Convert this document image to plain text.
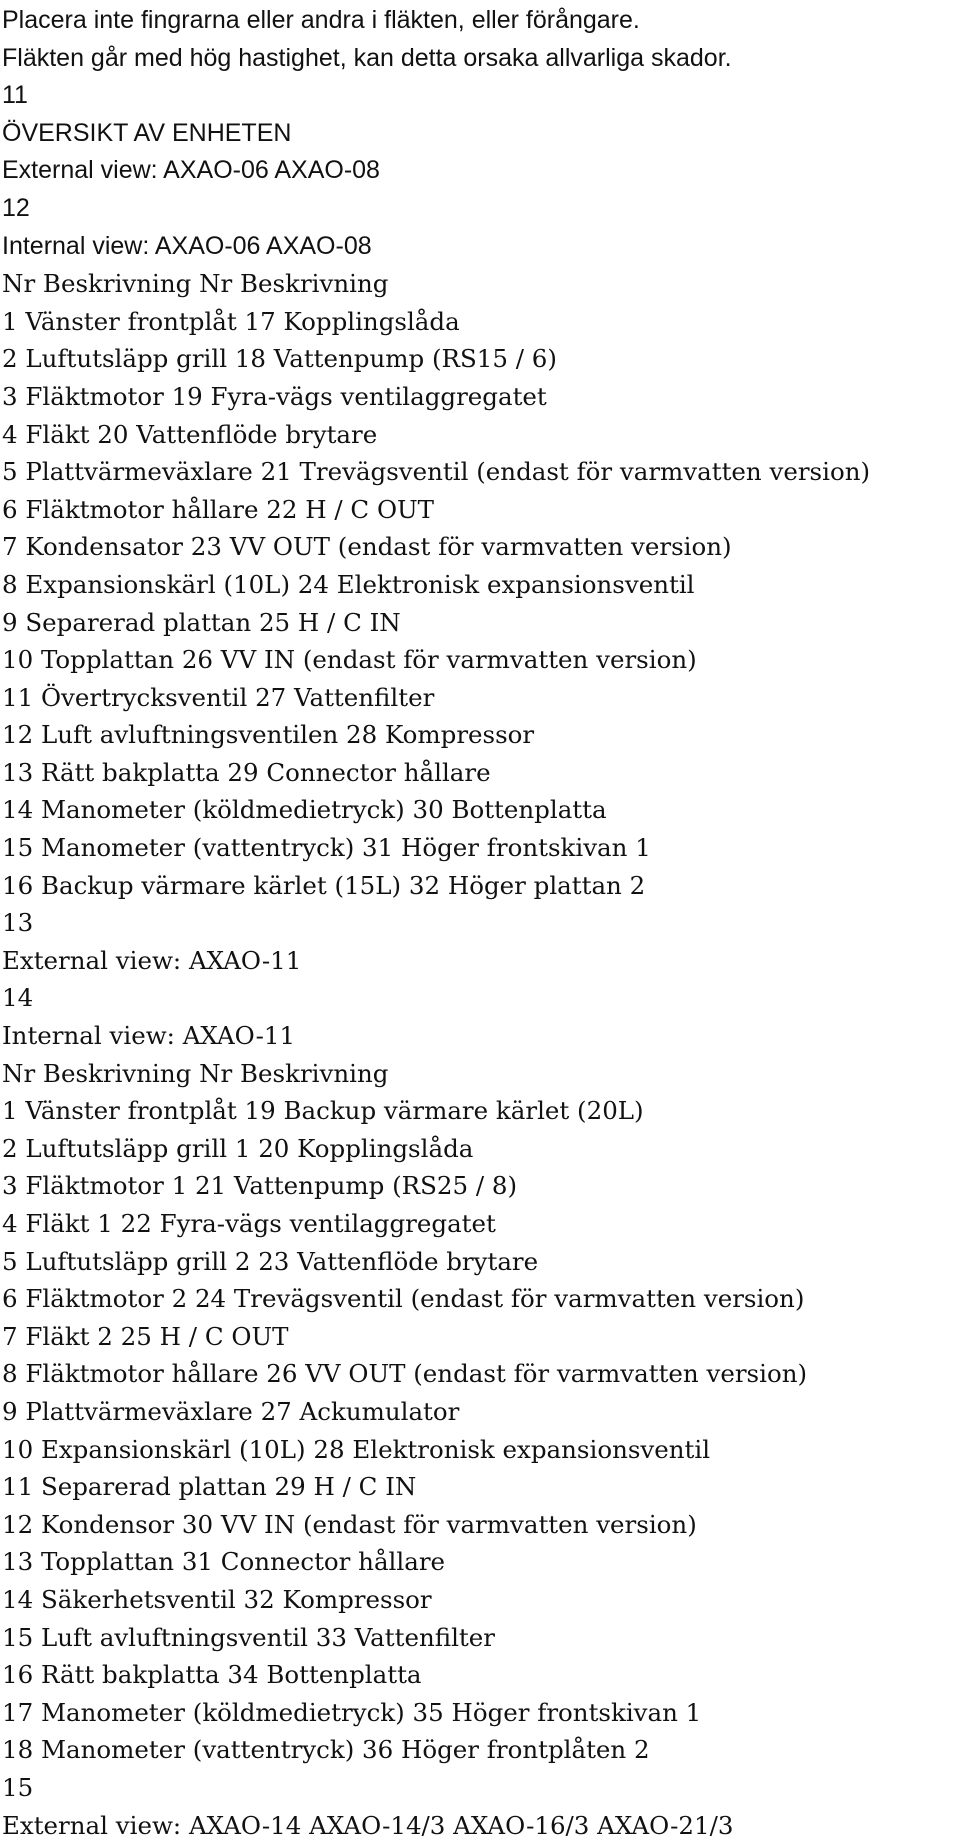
Placera inte fingrarna eller andra i fläkten, eller förångare.
Fläkten går med hög hastighet, kan detta orsaka allvarliga skador.
11
ÖVERSIKT AV ENHETEN
External view: AXAO-06 AXAO-08
12
Internal view: AXAO-06 AXAO-08
Nr Beskrivning Nr Beskrivning
1 Vänster frontplåt 17 Kopplingslåda
2 Luftutsläpp grill 18 Vattenpump (RS15 / 6)
3 Fläktmotor 19 Fyra-vägs ventilaggregatet
4 Fläkt 20 Vattenflöde brytare
5 Plattvärmeväxlare 21 Trevägsventil (endast för varmvatten version)
6 Fläktmotor hållare 22 H / C OUT
7 Kondensator 23 VV OUT (endast för varmvatten version)
8 Expansionskärl (10L) 24 Elektronisk expansionsventil
9 Separerad plattan 25 H / C IN
10 Topplattan 26 VV IN (endast för varmvatten version)
11 Övertrycksventil 27 Vattenfilter
12 Luft avluftningsventilen 28 Kompressor
13 Rätt bakplatta 29 Connector hållare
14 Manometer (köldmedietryck) 30 Bottenplatta
15 Manometer (vattentryck) 31 Höger frontskivan 1
16 Backup värmare kärlet (15L) 32 Höger plattan 2
13
External view: AXAO-11
14
Internal view: AXAO-11
Nr Beskrivning Nr Beskrivning
1 Vänster frontplåt 19 Backup värmare kärlet (20L)
2 Luftutsläpp grill 1 20 Kopplingslåda
3 Fläktmotor 1 21 Vattenpump (RS25 / 8)
4 Fläkt 1 22 Fyra-vägs ventilaggregatet
5 Luftutsläpp grill 2 23 Vattenflöde brytare
6 Fläktmotor 2 24 Trevägsventil (endast för varmvatten version)
7 Fläkt 2 25 H / C OUT
8 Fläktmotor hållare 26 VV OUT (endast för varmvatten version)
9 Plattvärmeväxlare 27 Ackumulator
10 Expansionskärl (10L) 28 Elektronisk expansionsventil
11 Separerad plattan 29 H / C IN
12 Kondensor 30 VV IN (endast för varmvatten version)
13 Topplattan 31 Connector hållare
14 Säkerhetsventil 32 Kompressor
15 Luft avluftningsventil 33 Vattenfilter
16 Rätt bakplatta 34 Bottenplatta
17 Manometer (köldmedietryck) 35 Höger frontskivan 1
18 Manometer (vattentryck) 36 Höger frontplåten 2
15
External view: AXAO-14 AXAO-14/3 AXAO-16/3 AXAO-21/3
